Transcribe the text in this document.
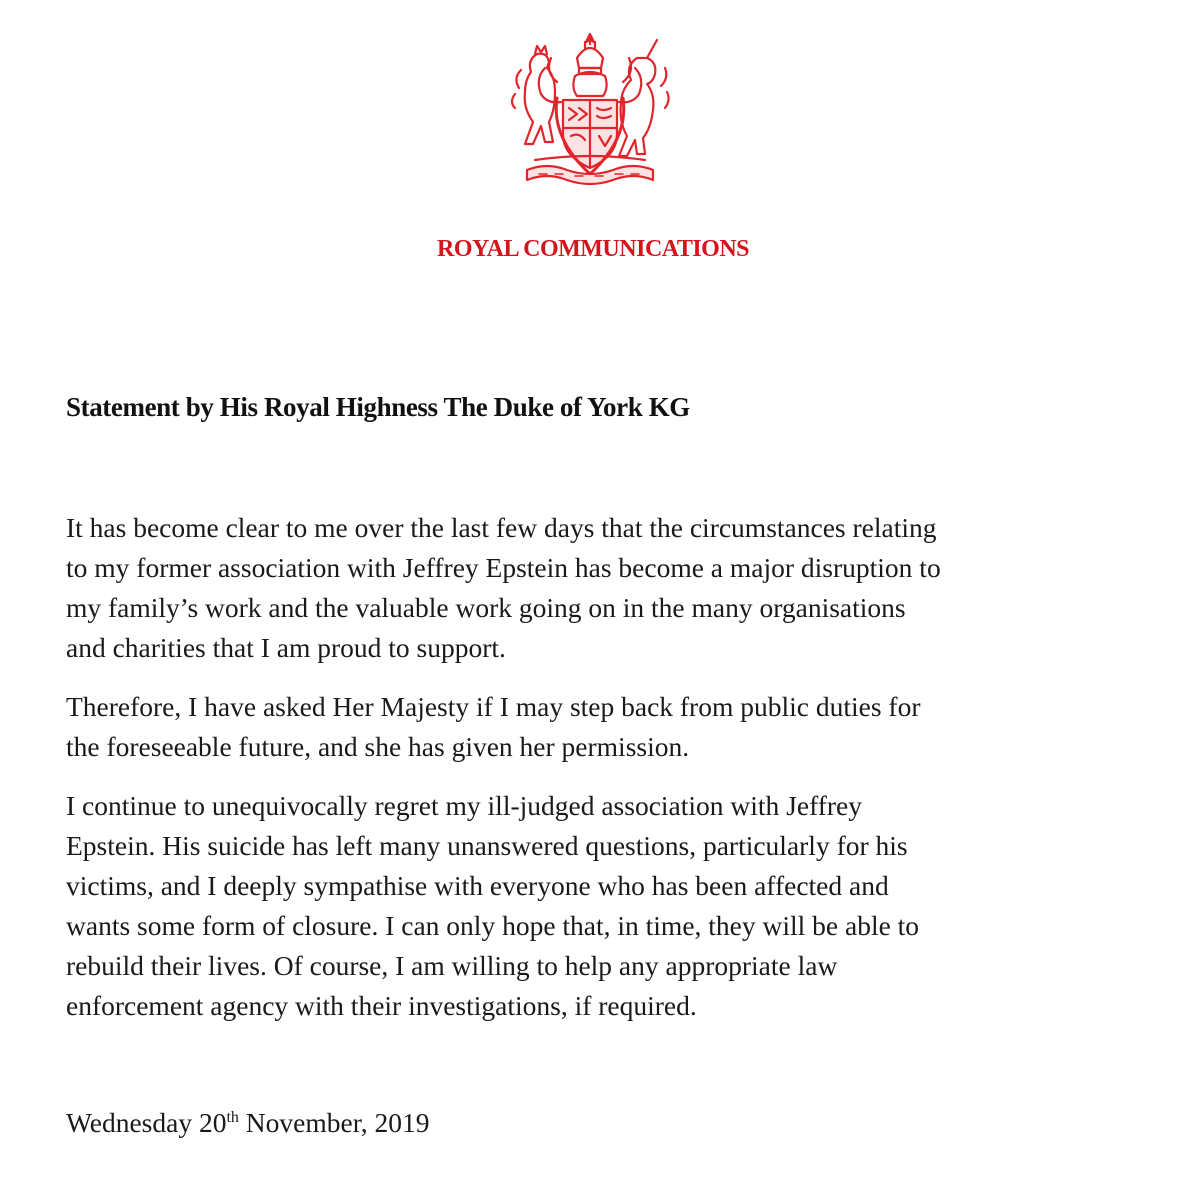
ROYAL COMMUNICATIONS
Statement by His Royal Highness The Duke of York KG

It has become clear to me over the last few days that the circumstances relating
to my former association with Jeffrey Epstein has become a major disruption to
my family’s work and the valuable work going on in the many organisations
and charities that I am proud to support.

Therefore, I have asked Her Majesty if I may step back from public duties for
the foreseeable future, and she has given her permission.

I continue to unequivocally regret my ill-judged association with Jeffrey
Epstein. His suicide has left many unanswered questions, particularly for his
victims, and I deeply sympathise with everyone who has been affected and
wants some form of closure. I can only hope that, in time, they will be able to
rebuild their lives. Of course, I am willing to help any appropriate law
enforcement agency with their investigations, if required.

Wednesday 20th November, 2019
